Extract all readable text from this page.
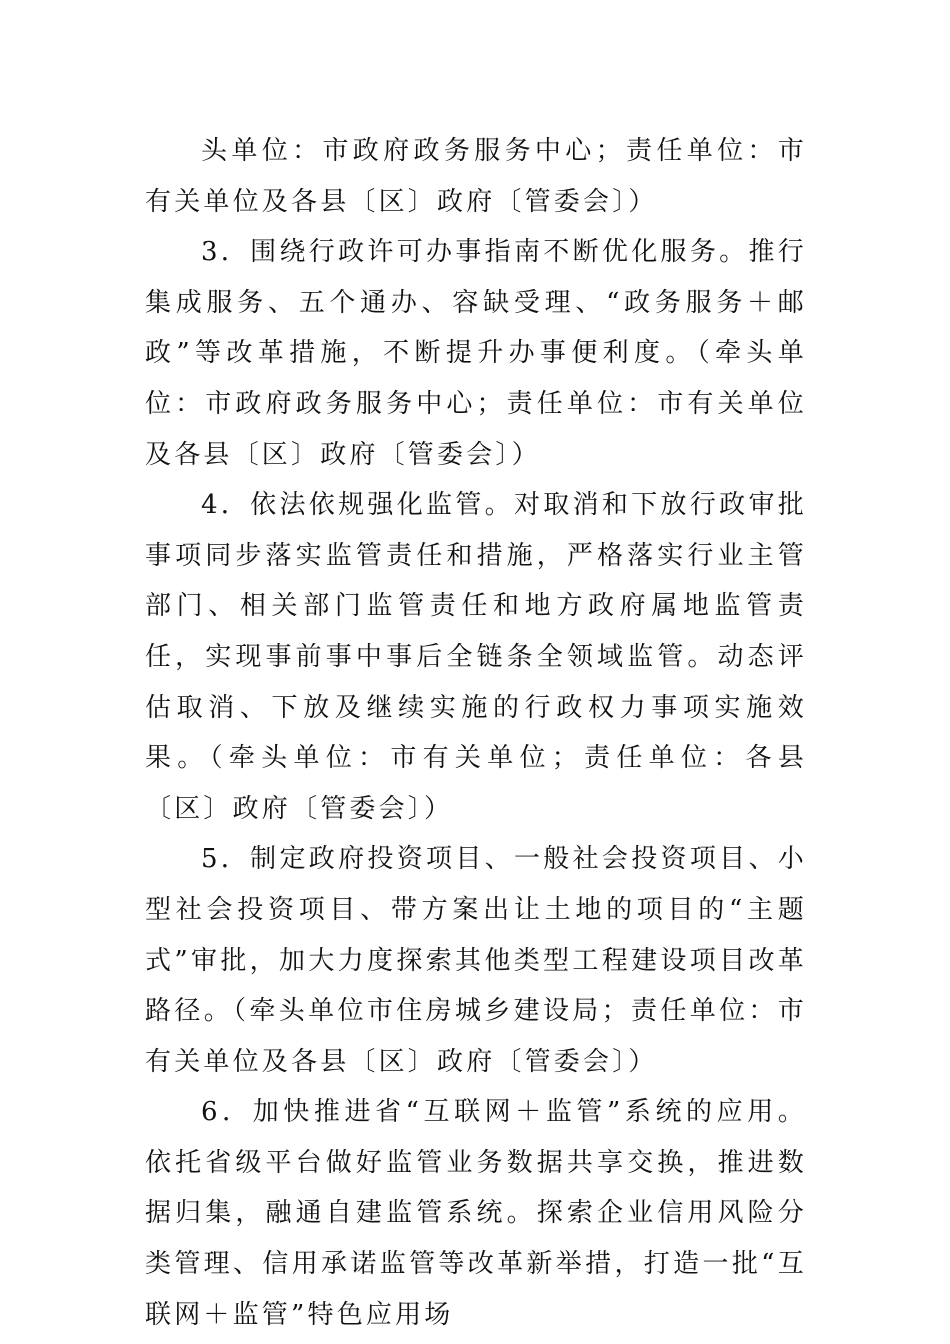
头单位：市政府政务服务中心；责任单位：市有关单位及各县〔区〕政府〔管委会〕）

3．围绕行政许可办事指南不断优化服务。推行集成服务、五个通办、容缺受理、“政务服务＋邮政”等改革措施，不断提升办事便利度。（牵头单位：市政府政务服务中心；责任单位：市有关单位及各县〔区〕政府〔管委会〕）

4．依法依规强化监管。对取消和下放行政审批事项同步落实监管责任和措施，严格落实行业主管部门、相关部门监管责任和地方政府属地监管责任，实现事前事中事后全链条全领域监管。动态评估取消、下放及继续实施的行政权力事项实施效果。（牵头单位：市有关单位；责任单位：各县〔区〕政府〔管委会〕）

5．制定政府投资项目、一般社会投资项目、小型社会投资项目、带方案出让土地的项目的“主题式”审批，加大力度探索其他类型工程建设项目改革路径。（牵头单位市住房城乡建设局；责任单位：市有关单位及各县〔区〕政府〔管委会〕）

6．加快推进省“互联网＋监管”系统的应用。依托省级平台做好监管业务数据共享交换，推进数据归集，融通自建监管系统。探索企业信用风险分类管理、信用承诺监管等改革新举措，打造一批“互联网＋监管”特色应用场
